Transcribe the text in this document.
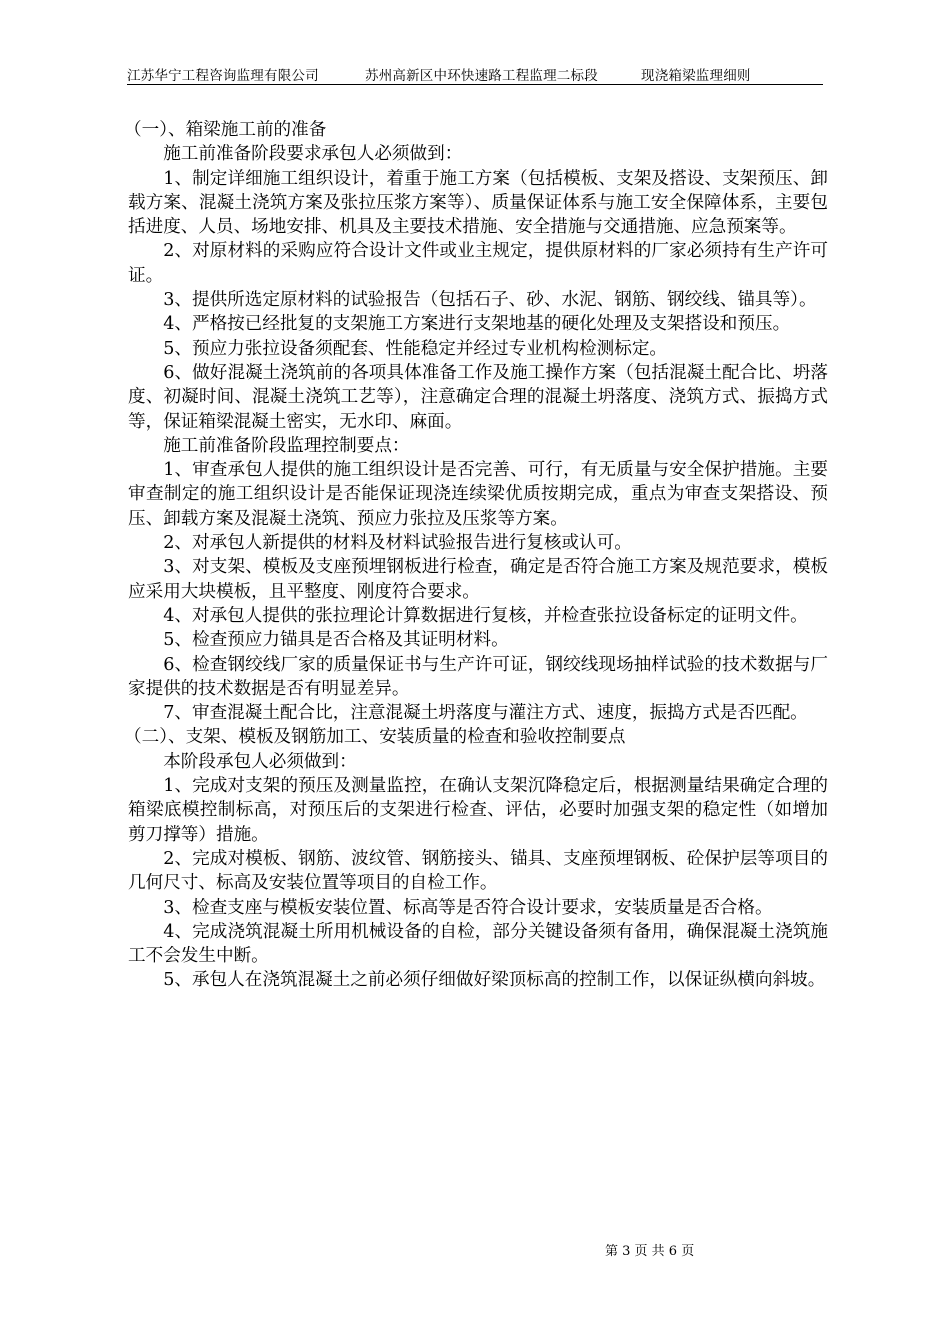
江苏华宁工程咨询监理有限公司	苏州高新区中环快速路工程监理二标段	现浇箱梁监理细则

（一）、箱梁施工前的准备

施工前准备阶段要求承包人必须做到：

1、制定详细施工组织设计，着重于施工方案（包括模板、支架及搭设、支架预压、卸载方案、混凝土浇筑方案及张拉压浆方案等）、质量保证体系与施工安全保障体系，主要包括进度、人员、场地安排、机具及主要技术措施、安全措施与交通措施、应急预案等。

2、对原材料的采购应符合设计文件或业主规定，提供原材料的厂家必须持有生产许可证。

3、提供所选定原材料的试验报告（包括石子、砂、水泥、钢筋、钢绞线、锚具等）。

4、严格按已经批复的支架施工方案进行支架地基的硬化处理及支架搭设和预压。

5、预应力张拉设备须配套、性能稳定并经过专业机构检测标定。

6、做好混凝土浇筑前的各项具体准备工作及施工操作方案（包括混凝土配合比、坍落度、初凝时间、混凝土浇筑工艺等），注意确定合理的混凝土坍落度、浇筑方式、振捣方式等，保证箱梁混凝土密实，无水印、麻面。

施工前准备阶段监理控制要点：

1、审查承包人提供的施工组织设计是否完善、可行，有无质量与安全保护措施。主要审查制定的施工组织设计是否能保证现浇连续梁优质按期完成，重点为审查支架搭设、预压、卸载方案及混凝土浇筑、预应力张拉及压浆等方案。

2、对承包人新提供的材料及材料试验报告进行复核或认可。

3、对支架、模板及支座预埋钢板进行检查，确定是否符合施工方案及规范要求，模板应采用大块模板，且平整度、刚度符合要求。

4、对承包人提供的张拉理论计算数据进行复核，并检查张拉设备标定的证明文件。

5、检查预应力锚具是否合格及其证明材料。

6、检查钢绞线厂家的质量保证书与生产许可证，钢绞线现场抽样试验的技术数据与厂家提供的技术数据是否有明显差异。

7、审查混凝土配合比，注意混凝土坍落度与灌注方式、速度，振捣方式是否匹配。

（二）、支架、模板及钢筋加工、安装质量的检查和验收控制要点

本阶段承包人必须做到：

1、完成对支架的预压及测量监控，在确认支架沉降稳定后，根据测量结果确定合理的箱梁底模控制标高，对预压后的支架进行检查、评估，必要时加强支架的稳定性（如增加剪刀撑等）措施。

2、完成对模板、钢筋、波纹管、钢筋接头、锚具、支座预埋钢板、砼保护层等项目的几何尺寸、标高及安装位置等项目的自检工作。

3、检查支座与模板安装位置、标高等是否符合设计要求，安装质量是否合格。

4、完成浇筑混凝土所用机械设备的自检，部分关键设备须有备用，确保混凝土浇筑施工不会发生中断。

5、承包人在浇筑混凝土之前必须仔细做好梁顶标高的控制工作，以保证纵横向斜坡。

第 3 页 共 6 页
